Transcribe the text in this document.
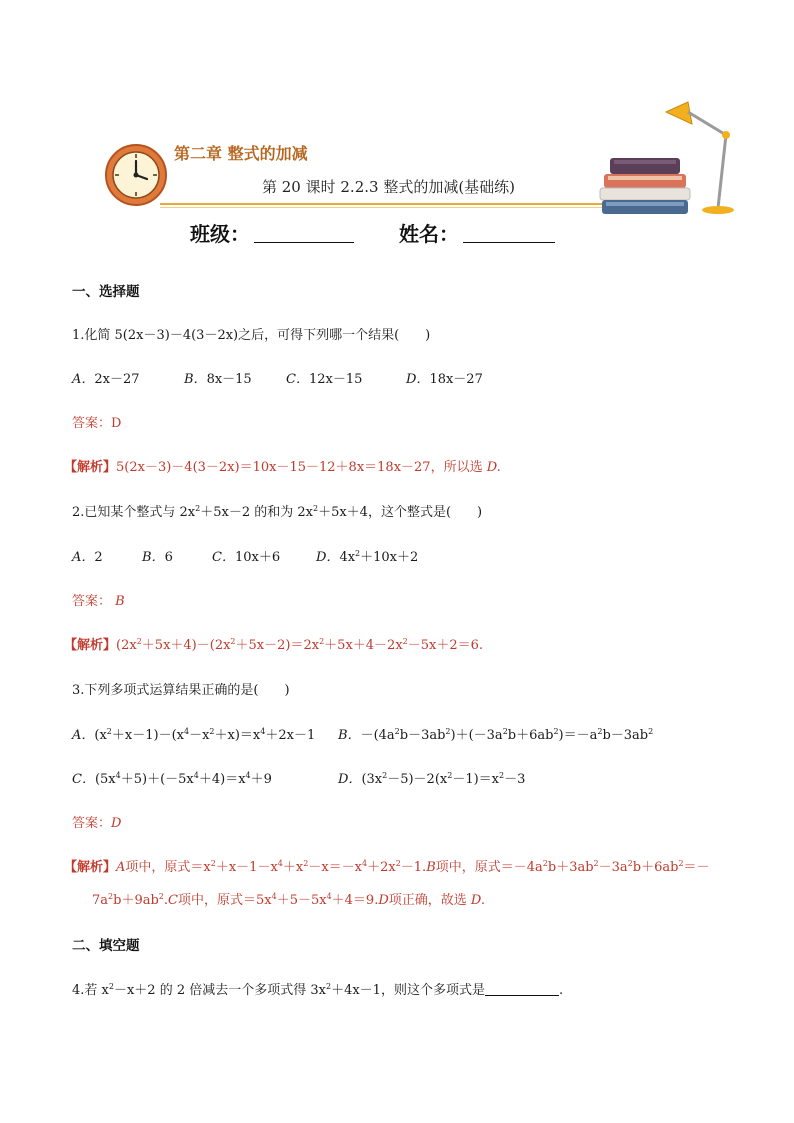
第二章 整式的加减
第 20 课时 2.2.3 整式的加减(基础练)
班级：	姓名：
一、选择题
1.化简 5(2x－3)－4(3－2x)之后，可得下列哪一个结果(　　)
A．2x－27	B．8x－15	C．12x－15	D．18x－27
答案：D
【解析】5(2x－3)－4(3－2x)＝10x－15－12＋8x＝18x－27，所以选 D.
2.已知某个整式与 $2x^2+5x-2$ 的和为 $2x^2+5x+4$，这个整式是(　　)
A．2	B．6	C．10x＋6	D．$4x^2+10x+2$
答案： B
【解析】$(2x^2+5x+4)-(2x^2+5x-2)=2x^2+5x+4-2x^2-5x+2=6$.
3.下列多项式运算结果正确的是(　　)
A．$(x^2+x-1)-(x^4-x^2+x)=x^4+2x-1$ B．$-(4a^2b-3ab^2)+(-3a^2b+6ab^2)=-a^2b-3ab^2$
C．$(5x^4+5)+(-5x^4+4)=x^4+9$	D．$(3x^2-5)-2(x^2-1)=x^2-3$
答案：D
【解析】A项中，原式$=x^2+x-1-x^4+x^2-x=-x^4+2x^2-1.B$项中，原式$=-4a^2b+3ab^2-3a^2b+6ab^2=-$
$7a^2b+9ab^2.C$项中，原式$=5x^4+5-5x^4+4=9.D$项正确，故选 D.
二、填空题
4.若 $x^2-x+2$ 的 2 倍减去一个多项式得 $3x^2+4x-1$，则这个多项式是	.
